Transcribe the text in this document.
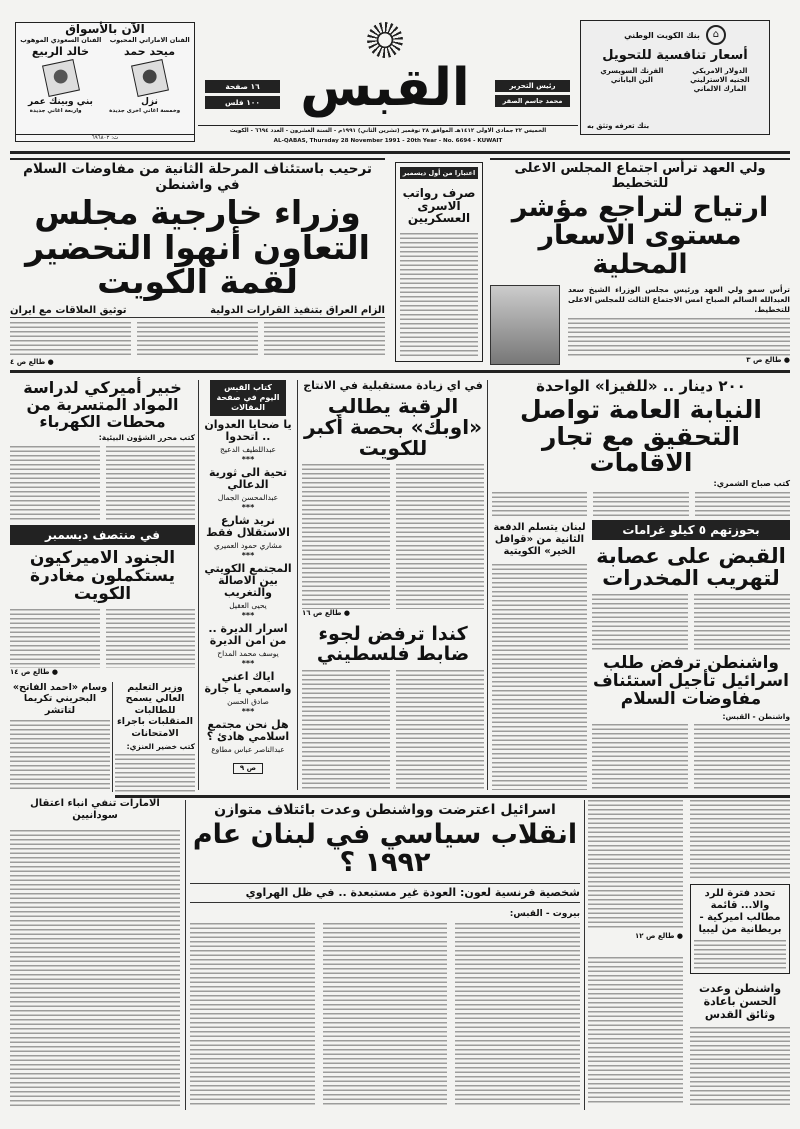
⌂
بنك الكويت الوطني
أسعار تنافسية للتحويل
الدولار الامريكي
الجنيه الاسترليني
المارك الالماني
الفرنك السويسري
الين الياباني
بنك تعرفه وتثق به
رئيس التحرير
محمد جاسم الصقر
القبس
١٦ صفحة
١٠٠ فلس
الآن بالأسواق
الفنان الاماراتي المحبوب
الفنان السعودي الموهوب
ميحد حمد
نزل
خالد الربيع
بني وبينك عمر
وخمسة اغاني اخرى جديدة
واربعة اغاني جديدة
ت: ٦٩٦٨٠٢
الخميس ٢٢ جمادى الاولى ١٤١٢هـ الموافق ٢٨ نوفمبر (تشرين الثاني) ١٩٩١م - السنة العشرون - العدد ٦٦٩٤ - الكويت
AL-QABAS, Thursday 28 November 1991 - 20th Year - No. 6694 - KUWAIT
ولي العهد ترأس اجتماع المجلس الاعلى للتخطيط
ارتياح لتراجع مؤشر مستوى الاسعار المحلية
ترأس سمو ولي العهد ورئيس مجلس الوزراء الشيخ سعد العبدالله السالم الصباح امس الاجتماع الثالث للمجلس الاعلى للتخطيط.
● طالع ص ٣
اعتبارا من أول ديسمبر
صرف رواتب الاسرى العسكريين
ترحيب باستئناف المرحلة الثانية من مفاوضات السلام في واشنطن
وزراء خارجية مجلس التعاون أنهوا التحضير لقمة الكويت
الزام العراق بتنفيذ القرارات الدولية
توثيق العلاقات مع ايران
● طالع ص ٤
٢٠٠ دينار .. «للفيزا» الواحدة
النيابة العامة تواصل التحقيق مع تجار الاقامات
كتب صباح الشمري:
لبنان يتسلم الدفعة الثانية من «قوافل الخير» الكويتية
بحوزتهم ٥ كيلو غرامات
القبض على عصابة لتهريب المخدرات
واشنطن ترفض طلب اسرائيل تأجيل استئناف مفاوضات السلام
واشنطن - القبس:
في اي زيادة مستقبلية في الانتاج
الرقبة يطالب «اوبك» بحصة أكبر للكويت
● طالع ص ١٦
كندا ترفض لجوء ضابط فلسطيني
كتاب القبس اليوم في صفحة المقالات
يا ضحايا العدوان .. اتحدوا
عبداللطيف الدعيج
***
تحية الى ثورية الدعالي
عبدالمحسن الجمال
***
نريد شارع الاستقلال فقط
مشاري حمود العميري
***
المجتمع الكويتي بين الاصالة والتغريب
يحيى العقيل
***
اسرار الديرة .. من امن الديرة
يوسف محمد المداح
***
اياك اعني واسمعي يا جارة
صادق الحسن
***
هل نحن مجتمع اسلامي هادئ ؟
عبدالناصر عباس مطاوع
ص ٩
خبير أميركي لدراسة المواد المتسربة من محطات الكهرباء
كتب محرر الشؤون البيئية:
في منتصف ديسمبر
الجنود الاميركيون يستكملون مغادرة الكويت
● طالع ص ١٤
وزير التعليم العالي يسمح للطالبات المتقلبات باجراء الامتحانات
كتب خضير العنزي:
وسام «احمد الفاتح» البحريني تكريما لتاتشر
الامارات تنفي انباء اعتقال سودانيين	اسرائيل اعترضت وواشنطن وعدت بائتلاف متوازن
انقلاب سياسي في لبنان عام ١٩٩٢ ؟
شخصية فرنسية لعون: العودة غير مستبعدة .. في ظل الهراوي
بيروت - القبس:
● طالع ص ١٢
تحدد فترة للرد والا... قائمة مطالب اميركية - بريطانية من ليبيا
واشنطن وعدت الحسن باعادة وثائق القدس
